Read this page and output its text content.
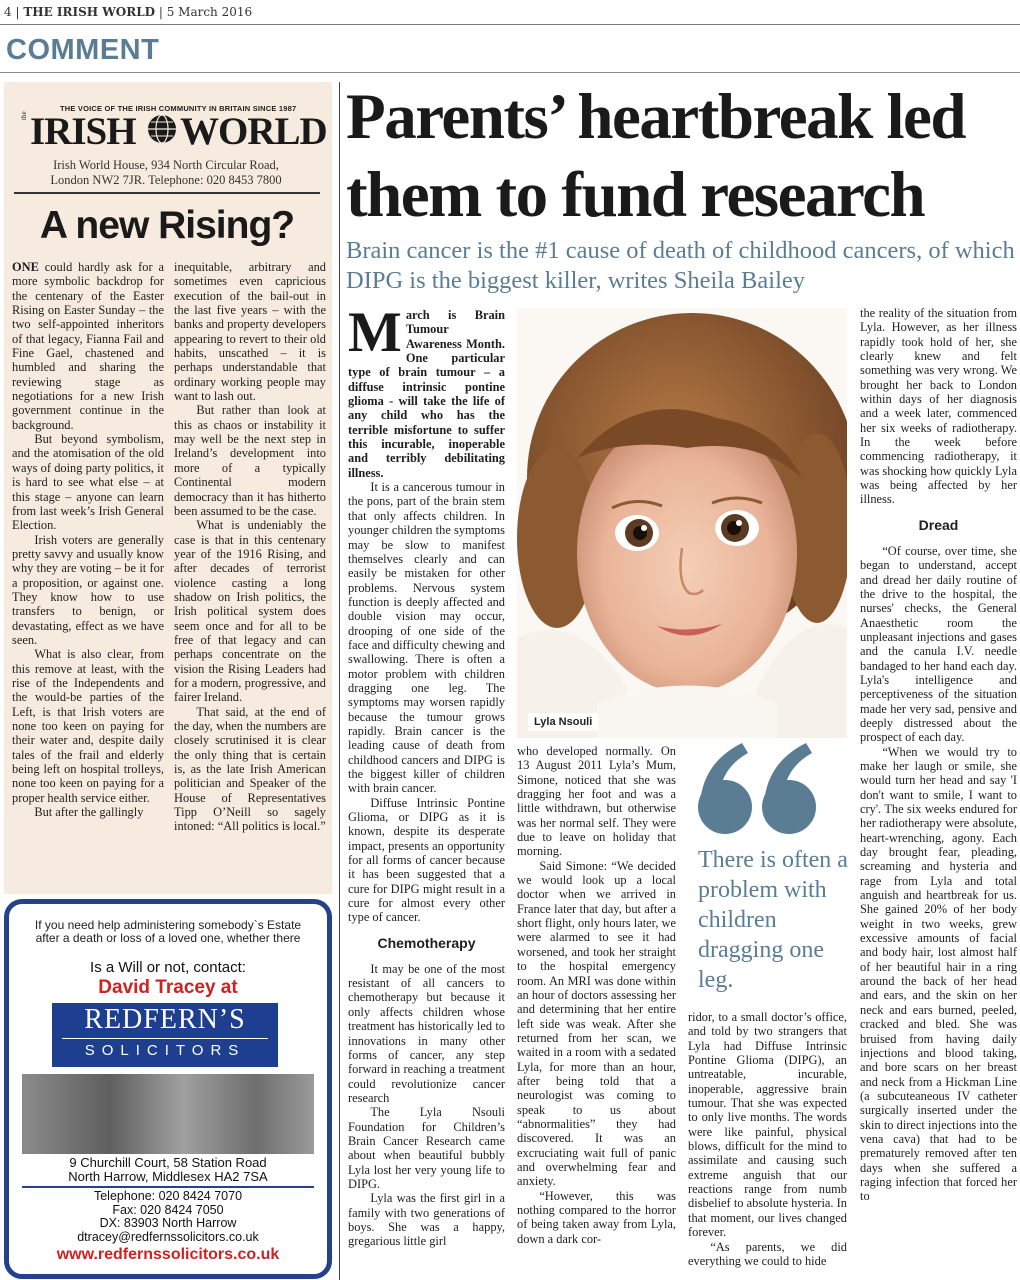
4 | THE IRISH WORLD | 5 March 2016
COMMENT
THE VOICE OF THE IRISH COMMUNITY IN BRITAIN SINCE 1987
the IRISH WORLD
Irish World House, 934 North Circular Road,
London NW2 7JR. Telephone: 020 8453 7800
A new Rising?

ONE could hardly ask for a more symbolic backdrop for the centenary of the Easter Rising on Easter Sunday – the two self-appointed inheritors of that legacy, Fianna Fail and Fine Gael, chastened and humbled and sharing the reviewing stage as negotiations for a new Irish government continue in the background.

But beyond symbolism, and the atomisation of the old ways of doing party politics, it is hard to see what else – at this stage – anyone can learn from last week’s Irish General Election.

Irish voters are generally pretty savvy and usually know why they are voting – be it for a proposition, or against one. They know how to use transfers to benign, or devastating, effect as we have seen.

What is also clear, from this remove at least, with the rise of the Independents and the would-be parties of the Left, is that Irish voters are none too keen on paying for their water and, despite daily tales of the frail and elderly being left on hospital trolleys, none too keen on paying for a proper health service either.

But after the gallingly

inequitable, arbitrary and sometimes even capricious execution of the bail-out in the last five years – with the banks and property developers appearing to revert to their old habits, unscathed – it is perhaps understandable that ordinary working people may want to lash out.

But rather than look at this as chaos or instability it may well be the next step in Ireland’s development into more of a typically Continental modern democracy than it has hitherto been assumed to be the case.

What is undeniably the case is that in this centenary year of the 1916 Rising, and after decades of terrorist violence casting a long shadow on Irish politics, the Irish political system does seem once and for all to be free of that legacy and can perhaps concentrate on the vision the Rising Leaders had for a modern, progressive, and fairer Ireland.

That said, at the end of the day, when the numbers are closely scrutinised it is clear the only thing that is certain is, as the late Irish American politician and Speaker of the House of Representatives Tipp O’Neill so sagely intoned: “All politics is local.”

If you need help administering somebody`s Estate after a death or loss of a loved one, whether there
Is a Will or not, contact:
David Tracey at
REDFERN’S
SOLICITORS
9 Churchill Court, 58 Station Road
North Harrow, Middlesex HA2 7SA
Telephone: 020 8424 7070
Fax: 020 8424 7050
DX: 83903 North Harrow
dtracey@redfernssolicitors.co.uk
www.redfernssolicitors.co.uk
Parents’ heartbreak led them to fund research
Brain cancer is the #1 cause of death of childhood cancers, of which DIPG is the biggest killer, writes Sheila Bailey

March is Brain Tumour Awareness Month. One particular type of brain tumour – a diffuse intrinsic pontine glioma - will take the life of any child who has the terrible misfortune to suffer this incurable, inoperable and terribly debilitating illness.

It is a cancerous tumour in the pons, part of the brain stem that only affects children. In younger children the symptoms may be slow to manifest themselves clearly and can easily be mistaken for other problems. Nervous system function is deeply affected and double vision may occur, drooping of one side of the face and difficulty chewing and swallowing. There is often a motor problem with children dragging one leg. The symptoms may worsen rapidly because the tumour grows rapidly. Brain cancer is the leading cause of death from childhood cancers and DIPG is the biggest killer of children with brain cancer.

Diffuse Intrinsic Pontine Glioma, or DIPG as it is known, despite its desperate impact, presents an opportunity for all forms of cancer because it has been suggested that a cure for DIPG might result in a cure for almost every other type of cancer.

Chemotherapy

It may be one of the most resistant of all cancers to chemotherapy but because it only affects children whose treatment has historically led to innovations in many other forms of cancer, any step forward in reaching a treatment could revolutionize cancer research

The Lyla Nsouli Foundation for Children’s Brain Cancer Research came about when beautiful bubbly Lyla lost her very young life to DIPG.

Lyla was the first girl in a family with two generations of boys. She was a happy, gregarious little girl

Lyla Nsouli

who developed normally. On 13 August 2011 Lyla’s Mum, Simone, noticed that she was dragging her foot and was a little withdrawn, but otherwise was her normal self. They were due to leave on holiday that morning.

Said Simone: “We decided we would look up a local doctor when we arrived in France later that day, but after a short flight, only hours later, we were alarmed to see it had worsened, and took her straight to the hospital emergency room. An MRI was done within an hour of doctors assessing her and determining that her entire left side was weak. After she returned from her scan, we waited in a room with a sedated Lyla, for more than an hour, after being told that a neurologist was coming to speak to us about “abnormalities” they had discovered. It was an excruciating wait full of panic and overwhelming fear and anxiety.

“However, this was nothing compared to the horror of being taken away from Lyla, down a dark cor-

There is often a problem with children dragging one leg.

ridor, to a small doctor’s office, and told by two strangers that Lyla had Diffuse Intrinsic Pontine Glioma (DIPG), an untreatable, incurable, inoperable, aggressive brain tumour. That she was expected to only live months. The words were like painful, physical blows, difficult for the mind to assimilate and causing such extreme anguish that our reactions range from numb disbelief to absolute hysteria. In that moment, our lives changed forever.

“As parents, we did everything we could to hide

the reality of the situation from Lyla. However, as her illness rapidly took hold of her, she clearly knew and felt something was very wrong. We brought her back to London within days of her diagnosis and a week later, commenced her six weeks of radiotherapy. In the week before commencing radiotherapy, it was shocking how quickly Lyla was being affected by her illness.

Dread

“Of course, over time, she began to understand, accept and dread her daily routine of the drive to the hospital, the nurses' checks, the General Anaesthetic room the unpleasant injections and gases and the canula I.V. needle bandaged to her hand each day. Lyla's intelligence and perceptiveness of the situation made her very sad, pensive and deeply distressed about the prospect of each day.

“When we would try to make her laugh or smile, she would turn her head and say 'I don't want to smile, I want to cry'. The six weeks endured for her radiotherapy were absolute, heart-wrenching, agony. Each day brought fear, pleading, screaming and hysteria and rage from Lyla and total anguish and heartbreak for us. She gained 20% of her body weight in two weeks, grew excessive amounts of facial and body hair, lost almost half of her beautiful hair in a ring around the back of her head and ears, and the skin on her neck and ears burned, peeled, cracked and bled. She was bruised from having daily injections and blood taking, and bore scars on her breast and neck from a Hickman Line (a subcuteaneous IV catheter surgically inserted under the skin to direct injections into the vena cava) that had to be prematurely removed after ten days when she suffered a raging infection that forced her to
